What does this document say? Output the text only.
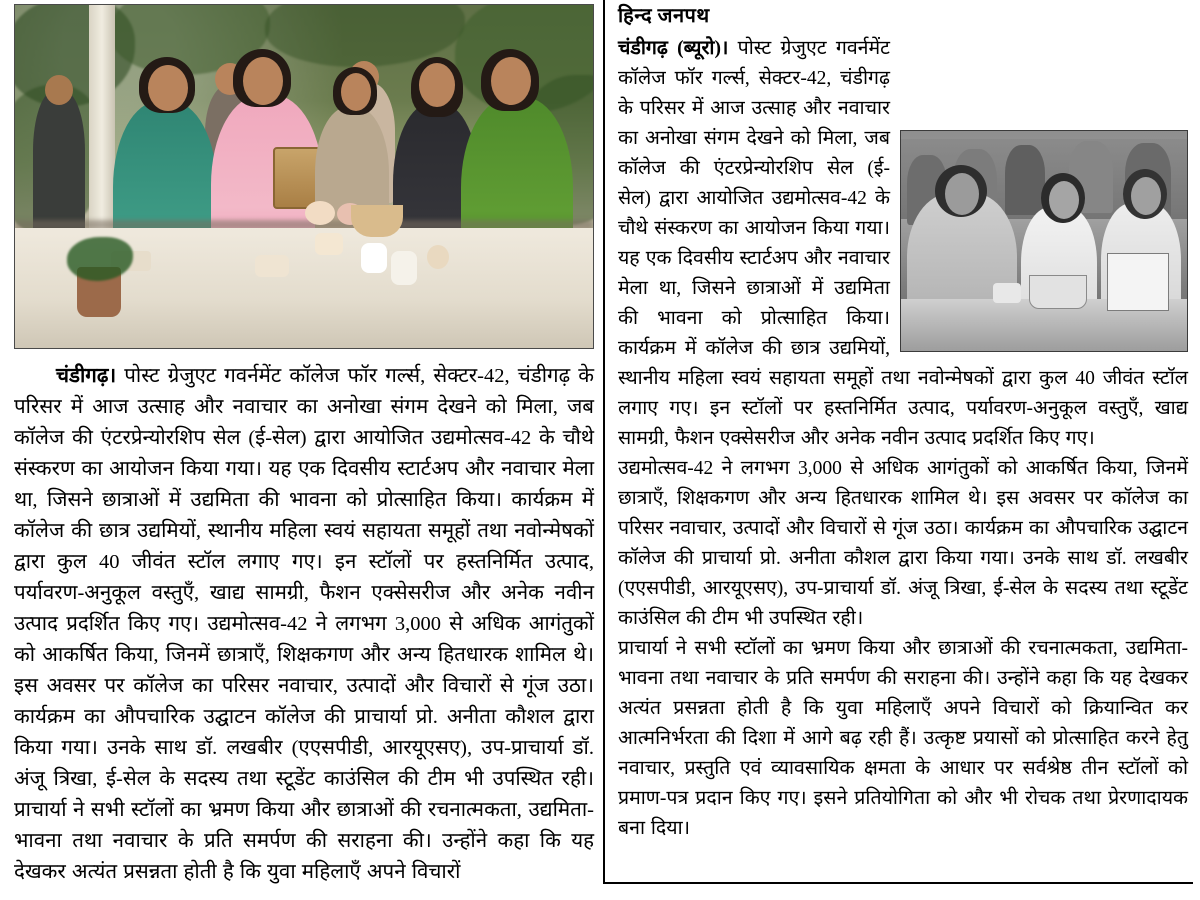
चंडीगढ़। पोस्ट ग्रेजुएट गवर्नमेंट कॉलेज फॉर गर्ल्स, सेक्टर-42, चंडीगढ़ के परिसर में आज उत्साह और नवाचार का अनोखा संगम देखने को मिला, जब कॉलेज की एंटरप्रेन्योरशिप सेल (ई-सेल) द्वारा आयोजित उद्यमोत्सव-42 के चौथे संस्करण का आयोजन किया गया। यह एक दिवसीय स्टार्टअप और नवाचार मेला था, जिसने छात्राओं में उद्यमिता की भावना को प्रोत्साहित किया। कार्यक्रम में कॉलेज की छात्र उद्यमियों, स्थानीय महिला स्वयं सहायता समूहों तथा नवोन्मेषकों द्वारा कुल 40 जीवंत स्टॉल लगाए गए। इन स्टॉलों पर हस्तनिर्मित उत्पाद, पर्यावरण-अनुकूल वस्तुएँ, खाद्य सामग्री, फैशन एक्सेसरीज और अनेक नवीन उत्पाद प्रदर्शित किए गए। उद्यमोत्सव-42 ने लगभग 3,000 से अधिक आगंतुकों को आकर्षित किया, जिनमें छात्राएँ, शिक्षकगण और अन्य हितधारक शामिल थे। इस अवसर पर कॉलेज का परिसर नवाचार, उत्पादों और विचारों से गूंज उठा। कार्यक्रम का औपचारिक उद्घाटन कॉलेज की प्राचार्या प्रो. अनीता कौशल द्वारा किया गया। उनके साथ डॉ. लखबीर (एएसपीडी, आरयूएसए), उप-प्राचार्या डॉ. अंजू त्रिखा, ई-सेल के सदस्य तथा स्टूडेंट काउंसिल की टीम भी उपस्थित रही। प्राचार्या ने सभी स्टॉलों का भ्रमण किया और छात्राओं की रचनात्मकता, उद्यमिता-भावना तथा नवाचार के प्रति समर्पण की सराहना की। उन्होंने कहा कि यह देखकर अत्यंत प्रसन्नता होती है कि युवा महिलाएँ अपने विचारों

हिन्द जनपथ

चंडीगढ़ (ब्यूरो)। पोस्ट ग्रेजुएट गवर्नमेंट कॉलेज फॉर गर्ल्स, सेक्टर-42, चंडीगढ़ के परिसर में आज उत्साह और नवाचार का अनोखा संगम देखने को मिला, जब कॉलेज की एंटरप्रेन्योरशिप सेल (ई-सेल) द्वारा आयोजित उद्यमोत्सव-42 के चौथे संस्करण का आयोजन किया गया। यह एक दिवसीय स्टार्टअप और नवाचार मेला था, जिसने छात्राओं में उद्यमिता की भावना को प्रोत्साहित किया। कार्यक्रम में कॉलेज की छात्र उद्यमियों, स्थानीय महिला स्वयं सहायता समूहों तथा नवोन्मेषकों द्वारा कुल 40 जीवंत स्टॉल लगाए गए। इन स्टॉलों पर हस्तनिर्मित उत्पाद, पर्यावरण-अनुकूल वस्तुएँ, खाद्य सामग्री, फैशन एक्सेसरीज और अनेक नवीन उत्पाद प्रदर्शित किए गए।

उद्यमोत्सव-42 ने लगभग 3,000 से अधिक आगंतुकों को आकर्षित किया, जिनमें छात्राएँ, शिक्षकगण और अन्य हितधारक शामिल थे। इस अवसर पर कॉलेज का परिसर नवाचार, उत्पादों और विचारों से गूंज उठा। कार्यक्रम का औपचारिक उद्घाटन कॉलेज की प्राचार्या प्रो. अनीता कौशल द्वारा किया गया। उनके साथ डॉ. लखबीर (एएसपीडी, आरयूएसए), उप-प्राचार्या डॉ. अंजू त्रिखा, ई-सेल के सदस्य तथा स्टूडेंट काउंसिल की टीम भी उपस्थित रही।

प्राचार्या ने सभी स्टॉलों का भ्रमण किया और छात्राओं की रचनात्मकता, उद्यमिता-भावना तथा नवाचार के प्रति समर्पण की सराहना की। उन्होंने कहा कि यह देखकर अत्यंत प्रसन्नता होती है कि युवा महिलाएँ अपने विचारों को क्रियान्वित कर आत्मनिर्भरता की दिशा में आगे बढ़ रही हैं। उत्कृष्ट प्रयासों को प्रोत्साहित करने हेतु नवाचार, प्रस्तुति एवं व्यावसायिक क्षमता के आधार पर सर्वश्रेष्ठ तीन स्टॉलों को प्रमाण-पत्र प्रदान किए गए। इसने प्रतियोगिता को और भी रोचक तथा प्रेरणादायक बना दिया।
